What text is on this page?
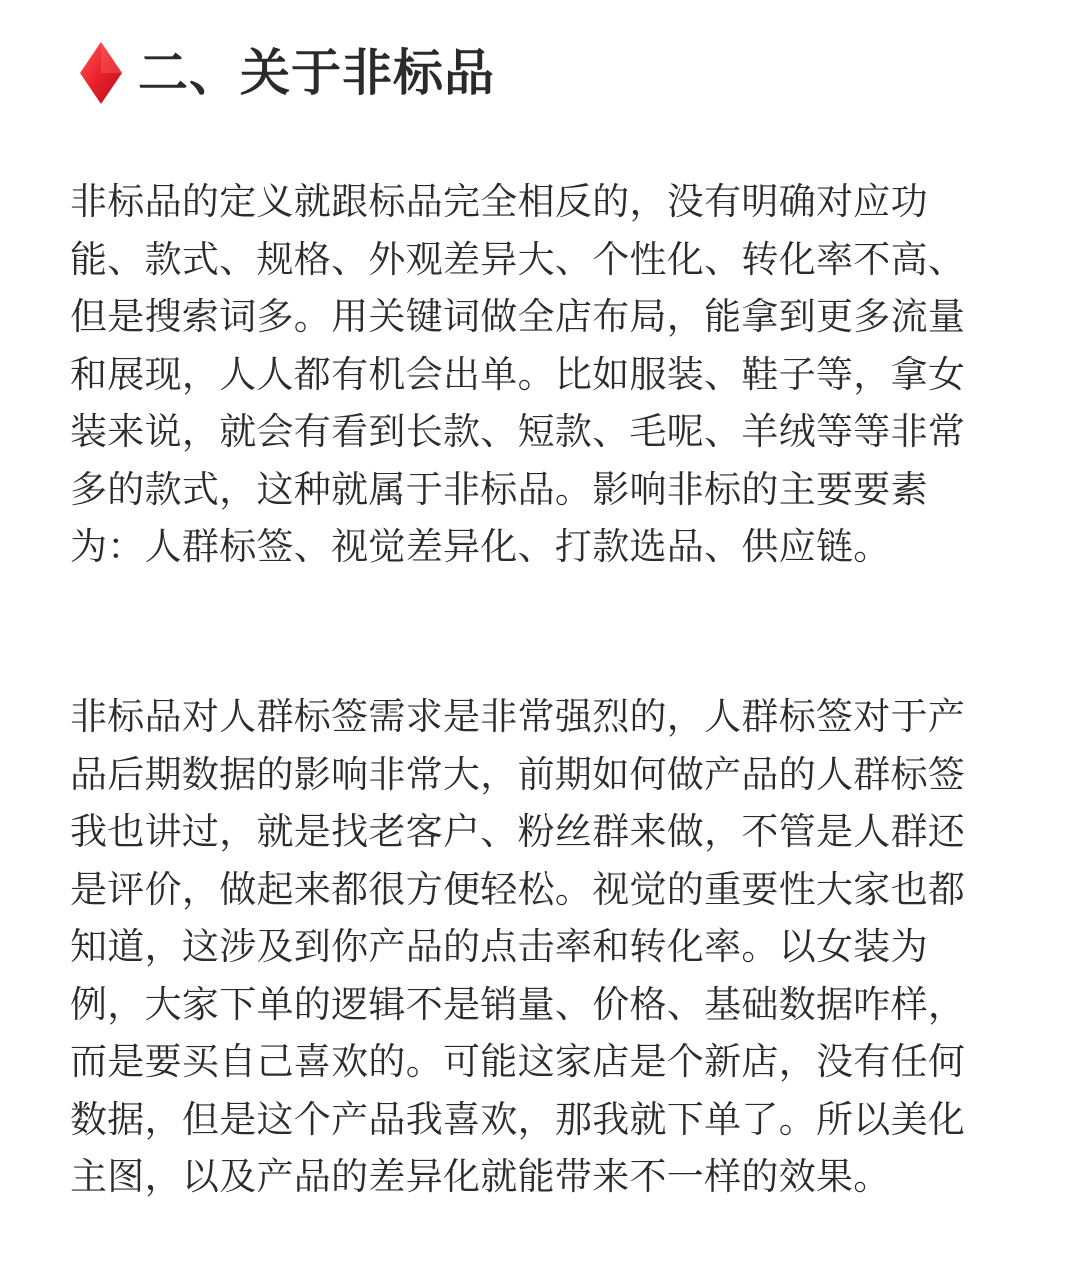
二、关于非标品

非标品的定义就跟标品完全相反的，没有明确对应功能、款式、规格、外观差异大、个性化、转化率不高、但是搜索词多。用关键词做全店布局，能拿到更多流量和展现，人人都有机会出单。比如服装、鞋子等，拿女装来说，就会有看到长款、短款、毛呢、羊绒等等非常多的款式，这种就属于非标品。影响非标的主要要素为：人群标签、视觉差异化、打款选品、供应链。

非标品对人群标签需求是非常强烈的，人群标签对于产品后期数据的影响非常大，前期如何做产品的人群标签我也讲过，就是找老客户、粉丝群来做，不管是人群还是评价，做起来都很方便轻松。视觉的重要性大家也都知道，这涉及到你产品的点击率和转化率。以女装为例，大家下单的逻辑不是销量、价格、基础数据咋样，而是要买自己喜欢的。可能这家店是个新店，没有任何数据，但是这个产品我喜欢，那我就下单了。所以美化主图，以及产品的差异化就能带来不一样的效果。
